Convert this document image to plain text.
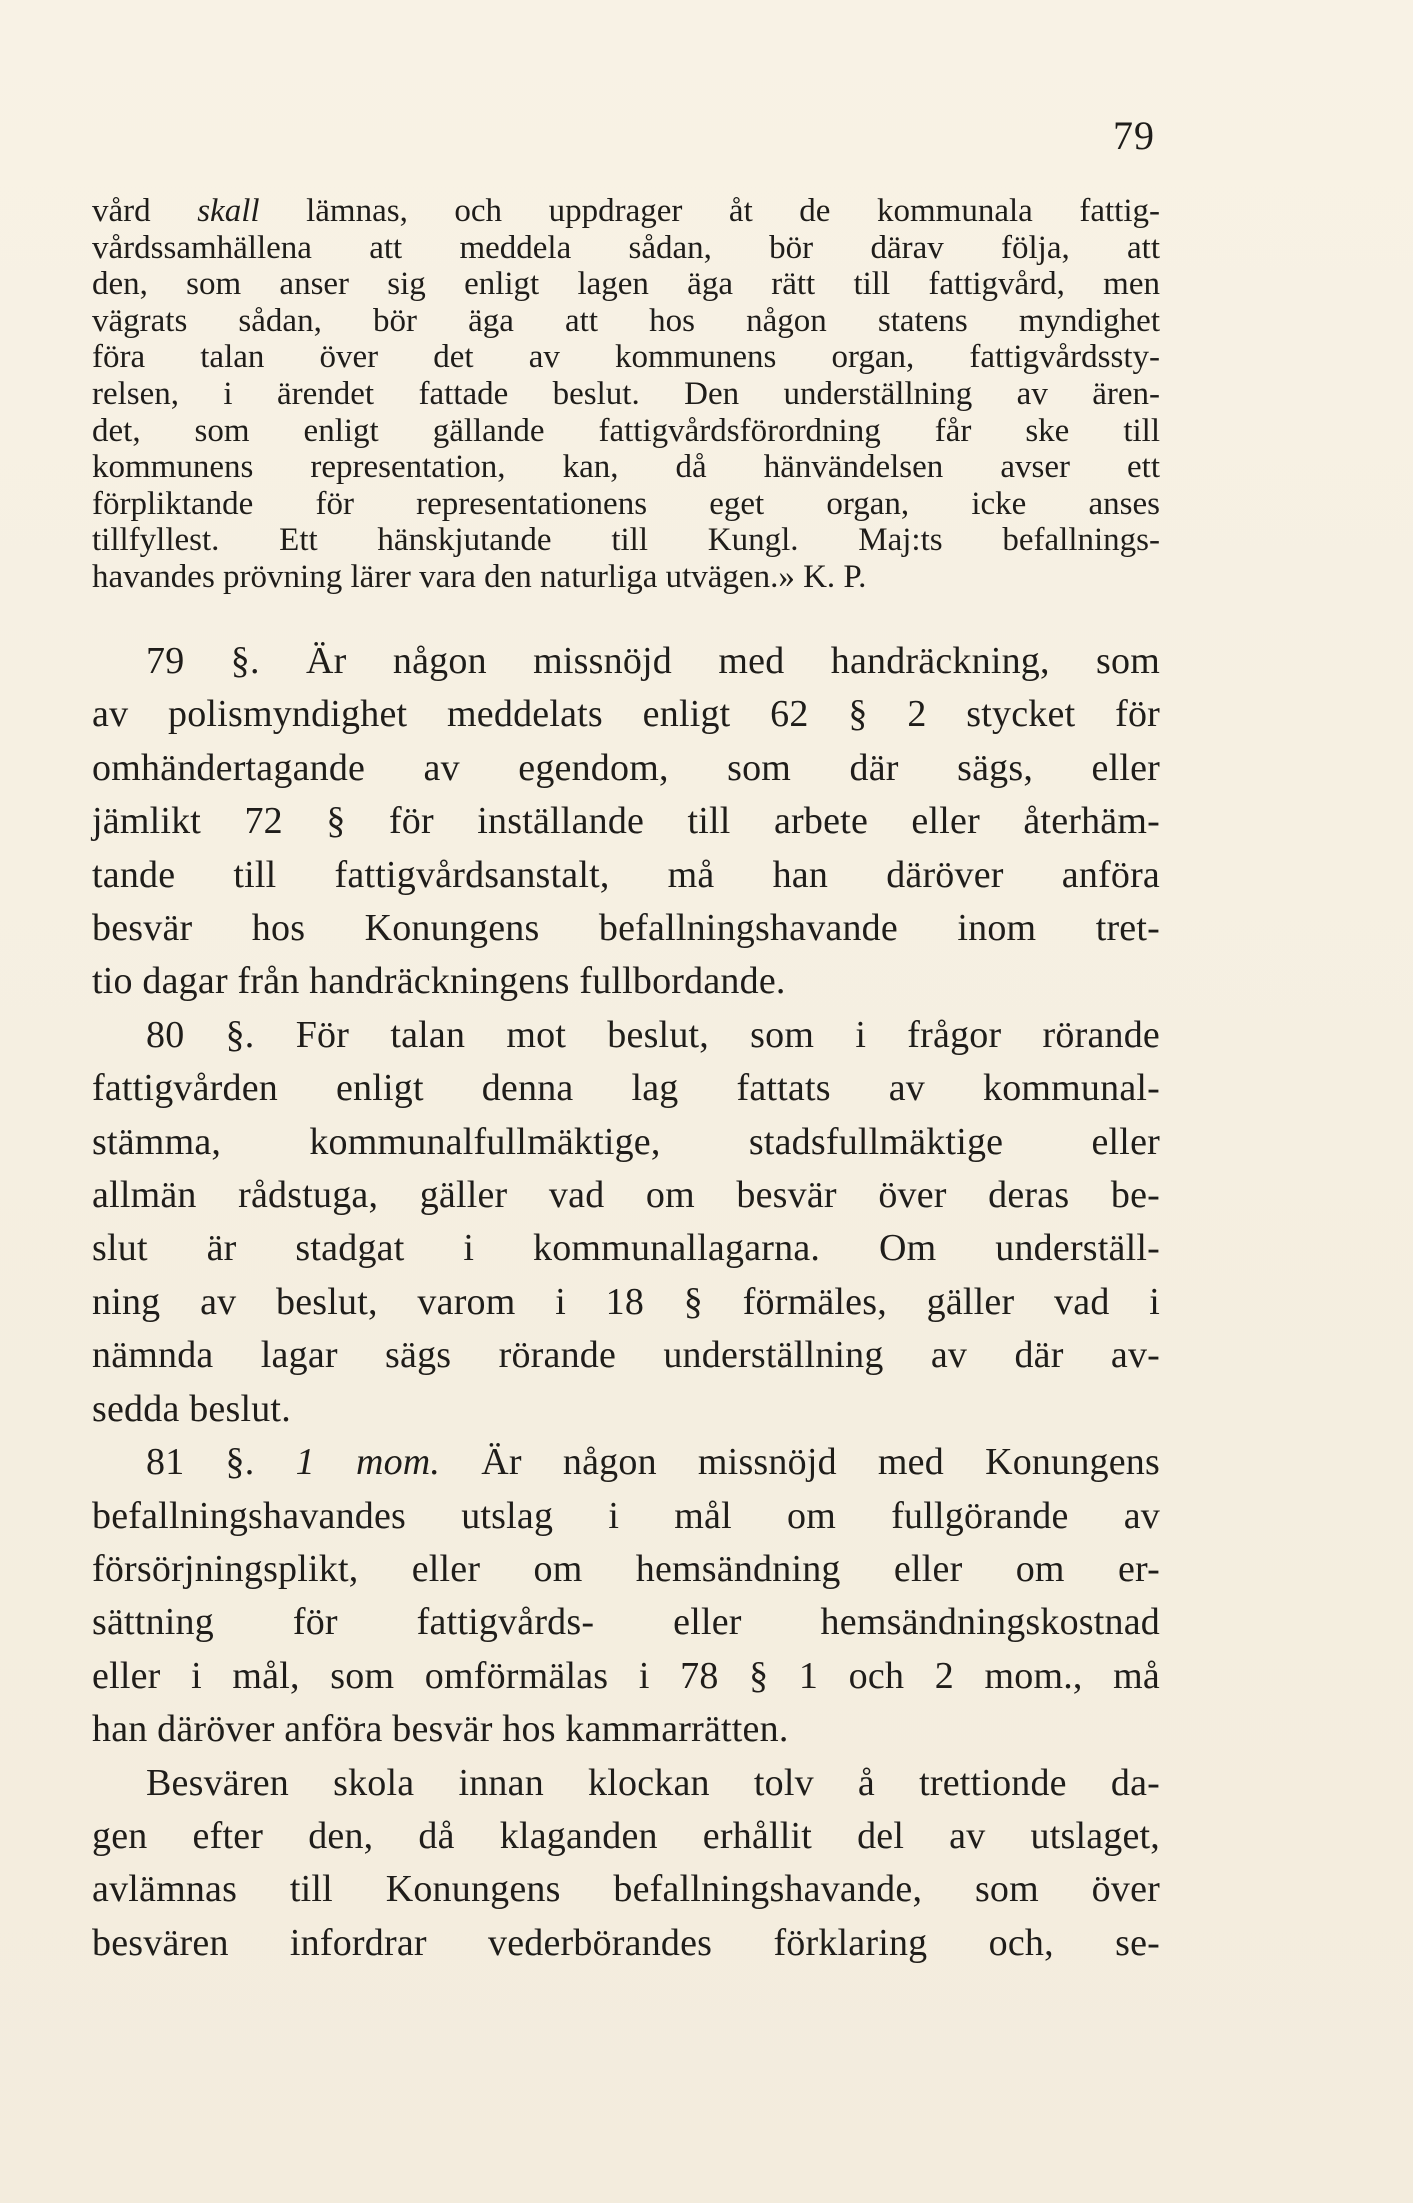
79

vård skall lämnas, och uppdrager åt de kommunala fattig-

vårdssamhällena att meddela sådan, bör därav följa, att

den, som anser sig enligt lagen äga rätt till fattigvård, men

vägrats sådan, bör äga att hos någon statens myndighet

föra talan över det av kommunens organ, fattigvårdssty-

relsen, i ärendet fattade beslut. Den underställning av ären-

det, som enligt gällande fattigvårdsförordning får ske till

kommunens representation, kan, då hänvändelsen avser ett

förpliktande för representationens eget organ, icke anses

tillfyllest. Ett hänskjutande till Kungl. Maj:ts befallnings-

havandes prövning lärer vara den naturliga utvägen.» K. P.

79 §. Är någon missnöjd med handräckning, som

av polismyndighet meddelats enligt 62 § 2 stycket för

omhändertagande av egendom, som där sägs, eller

jämlikt 72 § för inställande till arbete eller återhäm-

tande till fattigvårdsanstalt, må han däröver anföra

besvär hos Konungens befallningshavande inom tret-

tio dagar från handräckningens fullbordande.

80 §. För talan mot beslut, som i frågor rörande

fattigvården enligt denna lag fattats av kommunal-

stämma, kommunalfullmäktige, stadsfullmäktige eller

allmän rådstuga, gäller vad om besvär över deras be-

slut är stadgat i kommunallagarna. Om underställ-

ning av beslut, varom i 18 § förmäles, gäller vad i

nämnda lagar sägs rörande underställning av där av-

sedda beslut.

81 §. 1 mom. Är någon missnöjd med Konungens

befallningshavandes utslag i mål om fullgörande av

försörjningsplikt, eller om hemsändning eller om er-

sättning för fattigvårds- eller hemsändningskostnad

eller i mål, som omförmälas i 78 § 1 och 2 mom., må

han däröver anföra besvär hos kammarrätten.

Besvären skola innan klockan tolv å trettionde da-

gen efter den, då klaganden erhållit del av utslaget,

avlämnas till Konungens befallningshavande, som över

besvären infordrar vederbörandes förklaring och, se-
